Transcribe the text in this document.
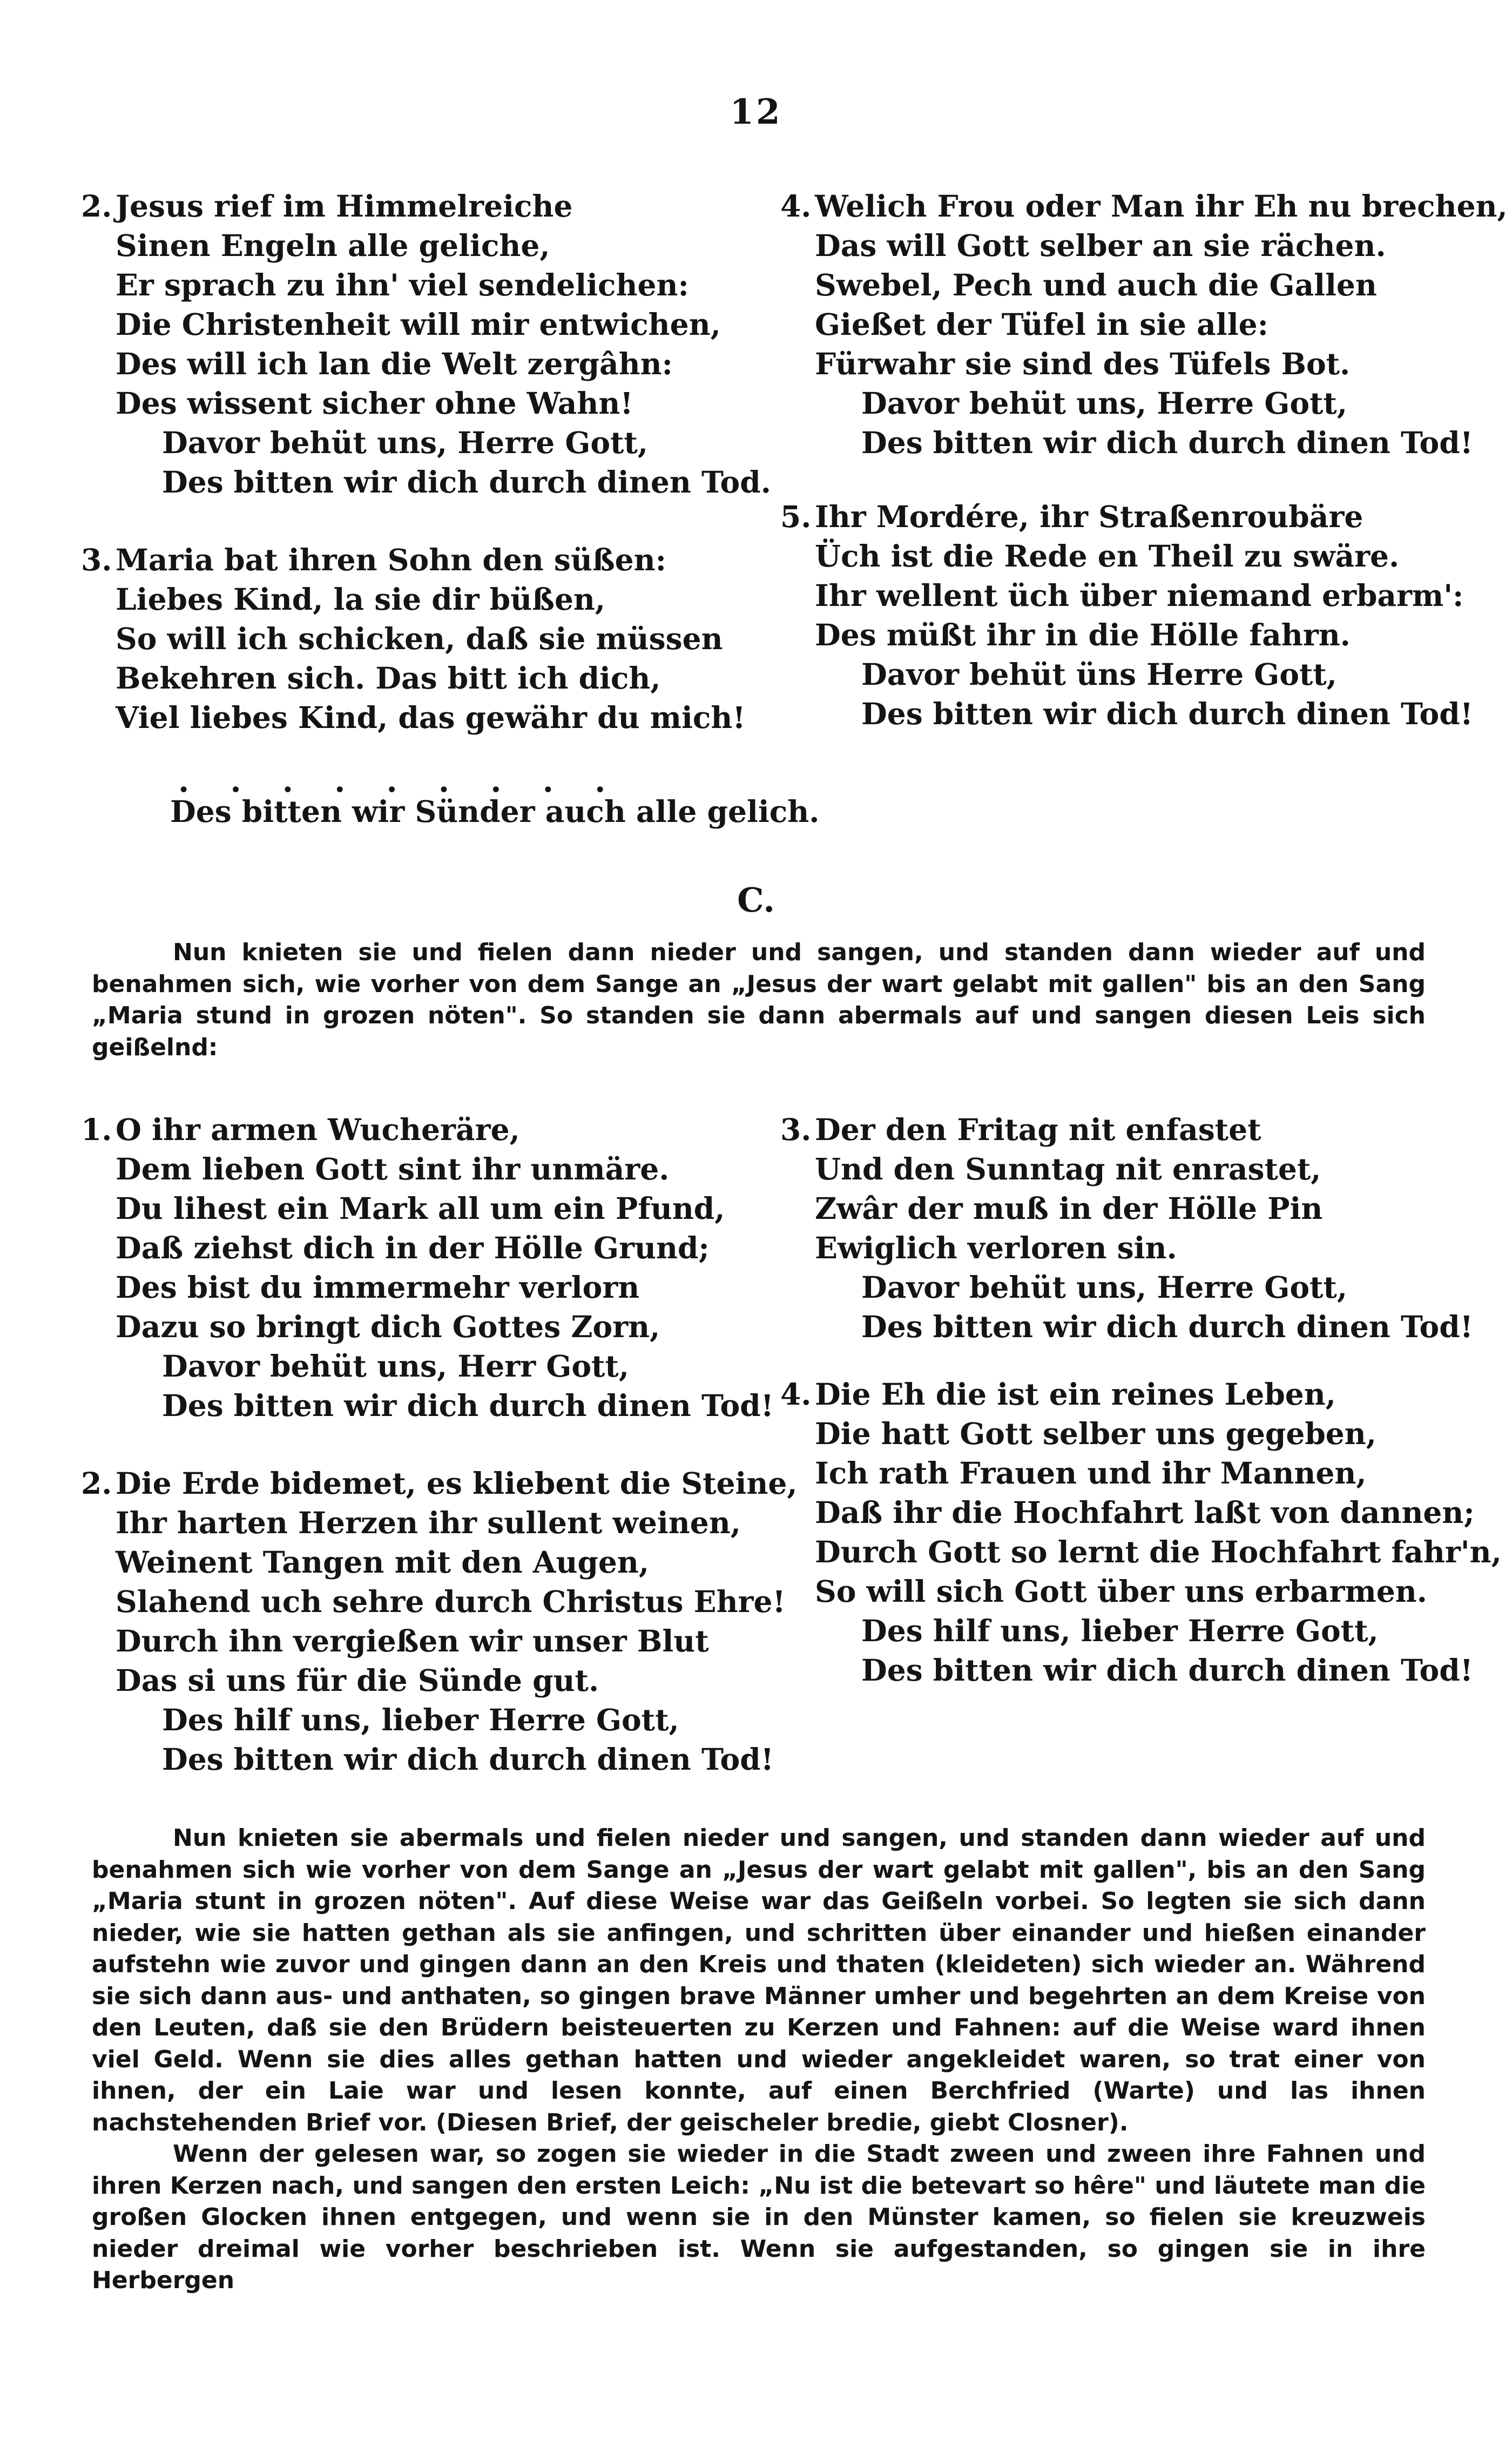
12
2. Jesus rief im Himmelreiche
Sinen Engeln alle geliche,
Er sprach zu ihn' viel sendelichen:
Die Christenheit will mir entwichen,
Des will ich lan die Welt zergâhn:
Des wissent sicher ohne Wahn!
Davor behüt uns, Herre Gott,
Des bitten wir dich durch dinen Tod.
3. Maria bat ihren Sohn den süßen:
Liebes Kind, la sie dir büßen,
So will ich schicken, daß sie müssen
Bekehren sich. Das bitt ich dich,
Viel liebes Kind, das gewähr du mich!
. . . . . . . . .
Des bitten wir Sünder auch alle gelich.
4. Welich Frou oder Man ihr Eh nu brechen,
Das will Gott selber an sie rächen.
Swebel, Pech und auch die Gallen
Gießet der Tüfel in sie alle:
Fürwahr sie sind des Tüfels Bot.
Davor behüt uns, Herre Gott,
Des bitten wir dich durch dinen Tod!
5. Ihr Mordére, ihr Straßenroubäre
Üch ist die Rede en Theil zu swäre.
Ihr wellent üch über niemand erbarm':
Des müßt ihr in die Hölle fahrn.
Davor behüt üns Herre Gott,
Des bitten wir dich durch dinen Tod!
C.

Nun knieten sie und fielen dann nieder und sangen, und standen dann wieder auf und benahmen sich, wie vorher von dem Sange an „Jesus der wart gelabt mit gallen" bis an den Sang „Maria stund in grozen nöten". So standen sie dann abermals auf und sangen diesen Leis sich geißelnd:

1. O ihr armen Wucheräre,
Dem lieben Gott sint ihr unmäre.
Du lihest ein Mark all um ein Pfund,
Daß ziehst dich in der Hölle Grund;
Des bist du immermehr verlorn
Dazu so bringt dich Gottes Zorn,
Davor behüt uns, Herr Gott,
Des bitten wir dich durch dinen Tod!
2. Die Erde bidemet, es kliebent die Steine,
Ihr harten Herzen ihr sullent weinen,
Weinent Tangen mit den Augen,
Slahend uch sehre durch Christus Ehre!
Durch ihn vergießen wir unser Blut
Das si uns für die Sünde gut.
Des hilf uns, lieber Herre Gott,
Des bitten wir dich durch dinen Tod!
3. Der den Fritag nit enfastet
Und den Sunntag nit enrastet,
Zwâr der muß in der Hölle Pin
Ewiglich verloren sin.
Davor behüt uns, Herre Gott,
Des bitten wir dich durch dinen Tod!
4. Die Eh die ist ein reines Leben,
Die hatt Gott selber uns gegeben,
Ich rath Frauen und ihr Mannen,
Daß ihr die Hochfahrt laßt von dannen;
Durch Gott so lernt die Hochfahrt fahr'n,
So will sich Gott über uns erbarmen.
Des hilf uns, lieber Herre Gott,
Des bitten wir dich durch dinen Tod!

Nun knieten sie abermals und fielen nieder und sangen, und standen dann wieder auf und benahmen sich wie vorher von dem Sange an „Jesus der wart gelabt mit gallen", bis an den Sang „Maria stunt in grozen nöten". Auf diese Weise war das Geißeln vorbei. So legten sie sich dann nieder, wie sie hatten gethan als sie anfingen, und schritten über einander und hießen einander aufstehn wie zuvor und gingen dann an den Kreis und thaten (kleideten) sich wieder an. Während sie sich dann aus- und anthaten, so gingen brave Männer umher und begehrten an dem Kreise von den Leuten, daß sie den Brüdern beisteuerten zu Kerzen und Fahnen: auf die Weise ward ihnen viel Geld. Wenn sie dies alles gethan hatten und wieder angekleidet waren, so trat einer von ihnen, der ein Laie war und lesen konnte, auf einen Berchfried (Warte) und las ihnen nachstehenden Brief vor. (Diesen Brief, der geischeler bredie, giebt Closner).

Wenn der gelesen war, so zogen sie wieder in die Stadt zween und zween ihre Fahnen und ihren Kerzen nach, und sangen den ersten Leich: „Nu ist die betevart so hêre" und läutete man die großen Glocken ihnen entgegen, und wenn sie in den Münster kamen, so fielen sie kreuzweis nieder dreimal wie vorher beschrieben ist. Wenn sie aufgestanden, so gingen sie in ihre Herbergen
